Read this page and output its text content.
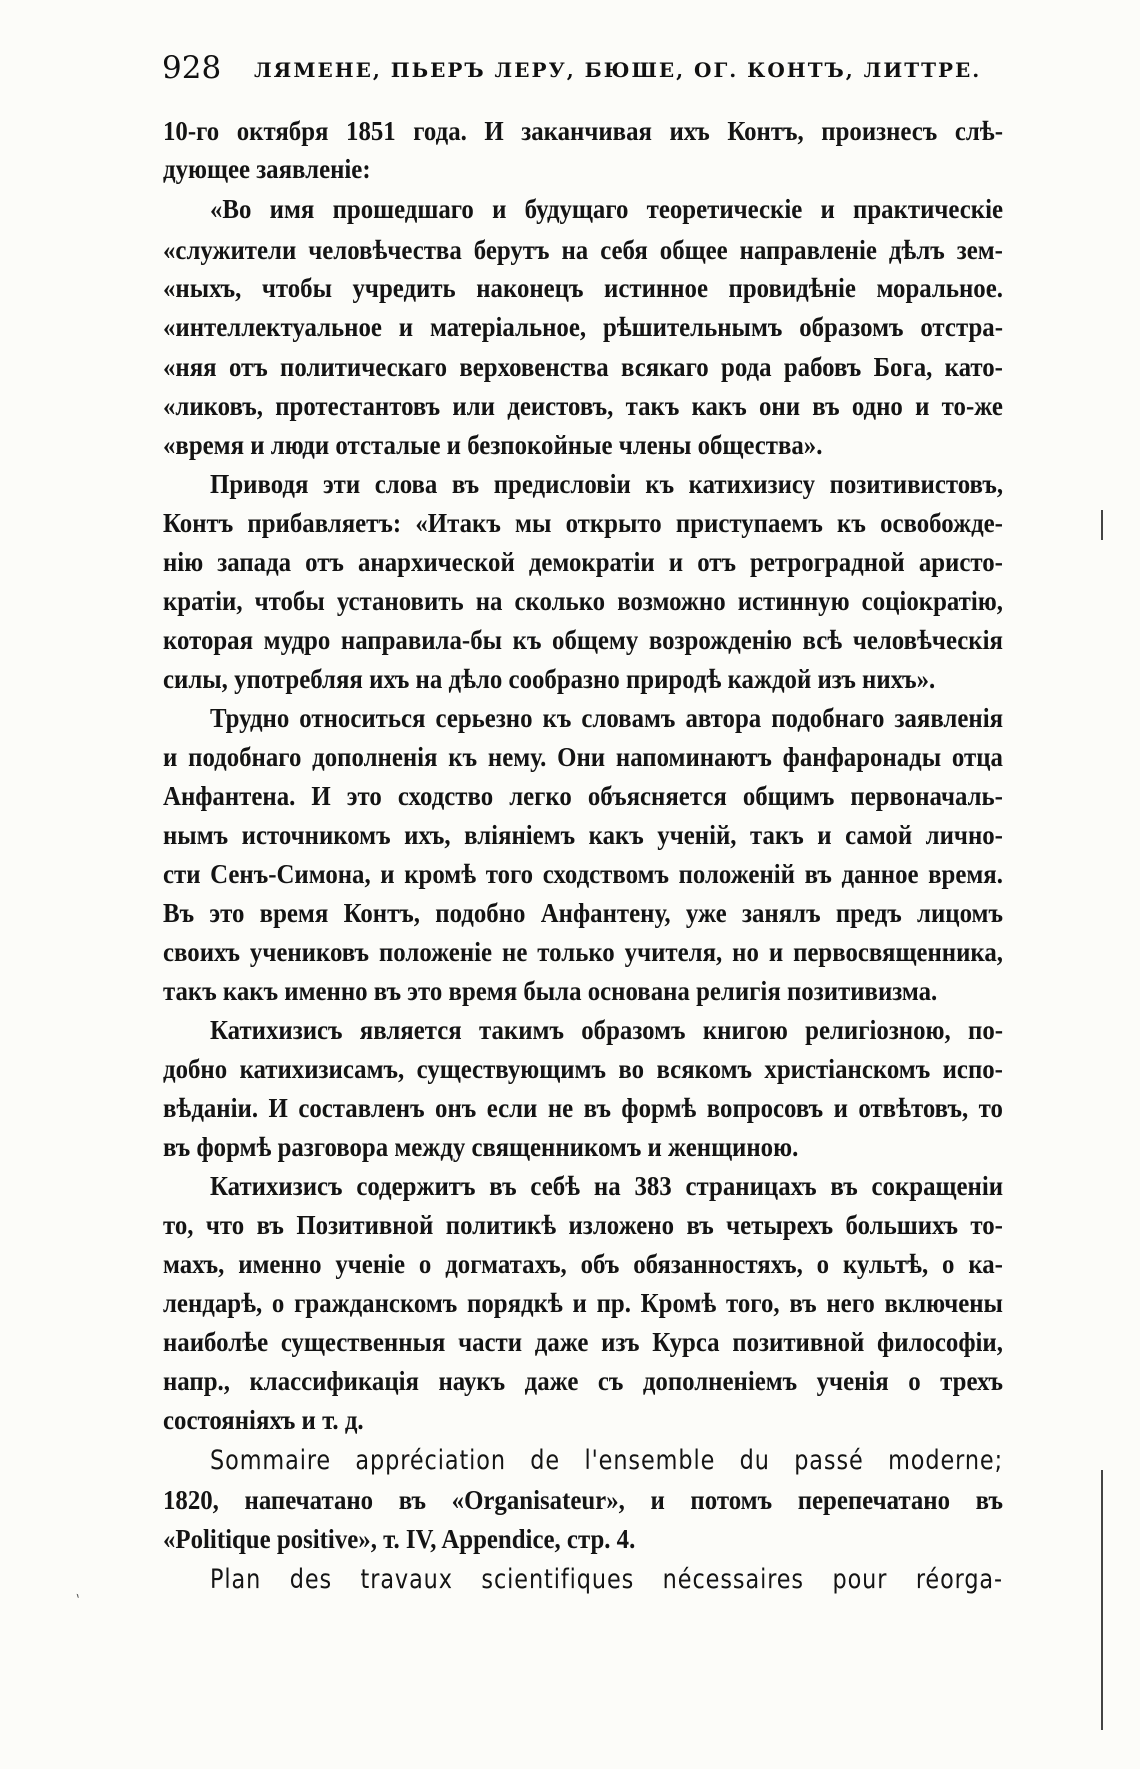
928 ЛЯМЕНЕ, ПЬЕРЪ ЛЕРУ, БЮШЕ, ОГ. КОНТЪ, ЛИТТРЕ.
10-го октября 1851 года. И заканчивая ихъ Контъ, произнесъ слѣ-
дующее заявленіе:
«Во имя прошедшаго и будущаго теоретическіе и практическіе
«служители человѣчества берутъ на себя общее направленіе дѣлъ зем-
«ныхъ, чтобы учредить наконецъ истинное провидѣніе моральное.
«интеллектуальное и матеріальное, рѣшительнымъ образомъ отстра-
«няя отъ политическаго верховенства всякаго рода рабовъ Бога, като-
«ликовъ, протестантовъ или деистовъ, такъ какъ они въ одно и то-же
«время и люди отсталые и безпокойные члены общества».
Приводя эти слова въ предисловіи къ катихизису позитивистовъ,
Контъ прибавляетъ: «Итакъ мы открыто приступаемъ къ освобожде-
нію запада отъ анархической демократіи и отъ ретроградной аристо-
кратіи, чтобы установить на сколько возможно истинную соціократію,
которая мудро направила-бы къ общему возрожденію всѣ человѣческія
силы, употребляя ихъ на дѣло сообразно природѣ каждой изъ нихъ».
Трудно относиться серьезно къ словамъ автора подобнаго заявленія
и подобнаго дополненія къ нему. Они напоминаютъ фанфаронады отца
Анфантена. И это сходство легко объясняется общимъ первоначаль-
нымъ источникомъ ихъ, вліяніемъ какъ ученій, такъ и самой лично-
сти Сенъ-Симона, и кромѣ того сходствомъ положеній въ данное время.
Въ это время Контъ, подобно Анфантену, уже занялъ предъ лицомъ
своихъ учениковъ положеніе не только учителя, но и первосвященника,
такъ какъ именно въ это время была основана религія позитивизма.
Катихизисъ является такимъ образомъ книгою религіозною, по-
добно катихизисамъ, существующимъ во всякомъ христіанскомъ испо-
вѣданіи. И составленъ онъ если не въ формѣ вопросовъ и отвѣтовъ, то
въ формѣ разговора между священникомъ и женщиною.
Катихизисъ содержитъ въ себѣ на 383 страницахъ въ сокращеніи
то, что въ Позитивной политикѣ изложено въ четырехъ большихъ то-
махъ, именно ученіе о догматахъ, объ обязанностяхъ, о культѣ, о ка-
лендарѣ, о гражданскомъ порядкѣ и пр. Кромѣ того, въ него включены
наиболѣе существенныя части даже изъ Курса позитивной философіи,
напр., классификація наукъ даже съ дополненіемъ ученія о трехъ
состояніяхъ и т. д.
Sommaire appréciation de l'ensemble du passé moderne;
1820, напечатано въ «Organisateur», и потомъ перепечатано въ
«Politique positive», т. IV, Appendice, стр. 4.
Plan des travaux scientifiques nécessaires pour réorga-
`
